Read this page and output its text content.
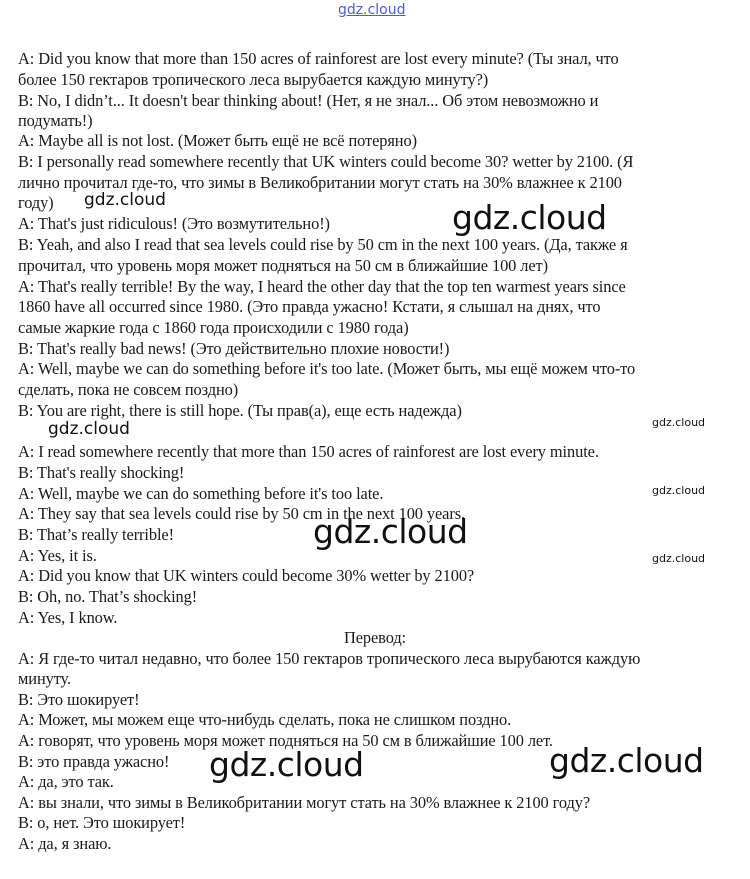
gdz.cloud
A: Did you know that more than 150 acres of rainforest are lost every minute? (Ты знал, что
более 150 гектаров тропического леса вырубается каждую минуту?)
B: No, I didn’t... It doesn't bear thinking about! (Нет, я не знал... Об этом невозможно и
подумать!)
A: Maybe all is not lost. (Может быть ещё не всё потеряно)
B: I personally read somewhere recently that UK winters could become 30? wetter by 2100. (Я
лично прочитал где-то, что зимы в Великобритании могут стать на 30% влажнее к 2100
году)
A: That's just ridiculous! (Это возмутительно!)
B: Yeah, and also I read that sea levels could rise by 50 cm in the next 100 years. (Да, также я
прочитал, что уровень моря может подняться на 50 см в ближайшие 100 лет)
A: That's really terrible! By the way, I heard the other day that the top ten warmest years since
1860 have all occurred since 1980. (Это правда ужасно! Кстати, я слышал на днях, что
самые жаркие года с 1860 года происходили с 1980 года)
B: That's really bad news! (Это действительно плохие новости!)
A: Well, maybe we can do something before it's too late. (Может быть, мы ещё можем что-то
сделать, пока не совсем поздно)
B: You are right, there is still hope. (Ты прав(а), еще есть надежда)
A: I read somewhere recently that more than 150 acres of rainforest are lost every minute.
B: That's really shocking!
A: Well, maybe we can do something before it's too late.
A: They say that sea levels could rise by 50 cm in the next 100 years.
B: That’s really terrible!
A: Yes, it is.
A: Did you know that UK winters could become 30% wetter by 2100?
B: Oh, no. That’s shocking!
A: Yes, I know.
Перевод:
А: Я где-то читал недавно, что более 150 гектаров тропического леса вырубаются каждую
минуту.
В: Это шокирует!
А: Может, мы можем еще что-нибудь сделать, пока не слишком поздно.
А: говорят, что уровень моря может подняться на 50 см в ближайшие 100 лет.
В: это правда ужасно!
А: да, это так.
А: вы знали, что зимы в Великобритании могут стать на 30% влажнее к 2100 году?
В: о, нет. Это шокирует!
А: да, я знаю.
gdz.cloud	gdz.cloud
gdz.cloud	gdz.cloud
gdz.cloud
gdz.cloud
gdz.cloud
gdz.cloud	gdz.cloud
